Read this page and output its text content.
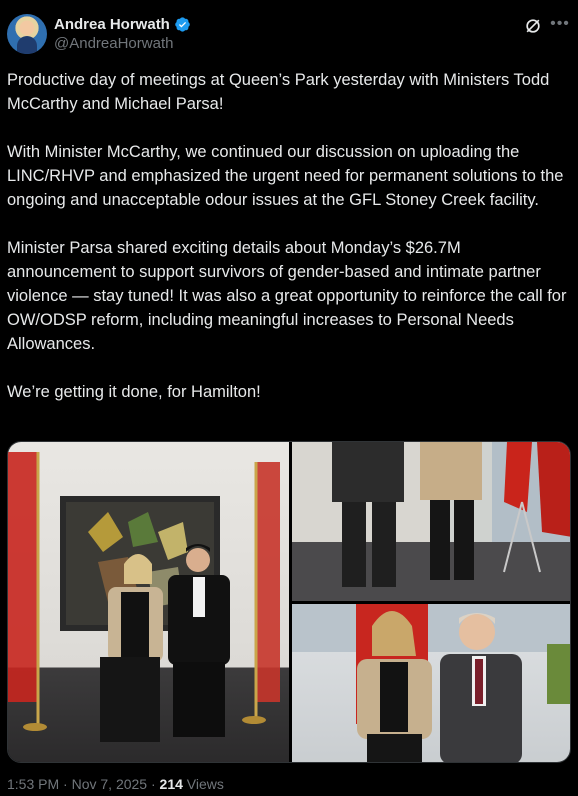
Andrea Horwath
@AndreaHorwath
•••
Productive day of meetings at Queen’s Park yesterday with Ministers Todd McCarthy and Michael Parsa!

With Minister McCarthy, we continued our discussion on uploading the LINC/RHVP and emphasized the urgent need for permanent solutions to the ongoing and unacceptable odour issues at the GFL Stoney Creek facility.

Minister Parsa shared exciting details about Monday’s $26.7M announcement to support survivors of gender-based and intimate partner violence — stay tuned! It was also a great opportunity to reinforce the call for OW/ODSP reform, including meaningful increases to Personal Needs Allowances.

We’re getting it done, for Hamilton!
1:53 PM · Nov 7, 2025 · 214 Views
